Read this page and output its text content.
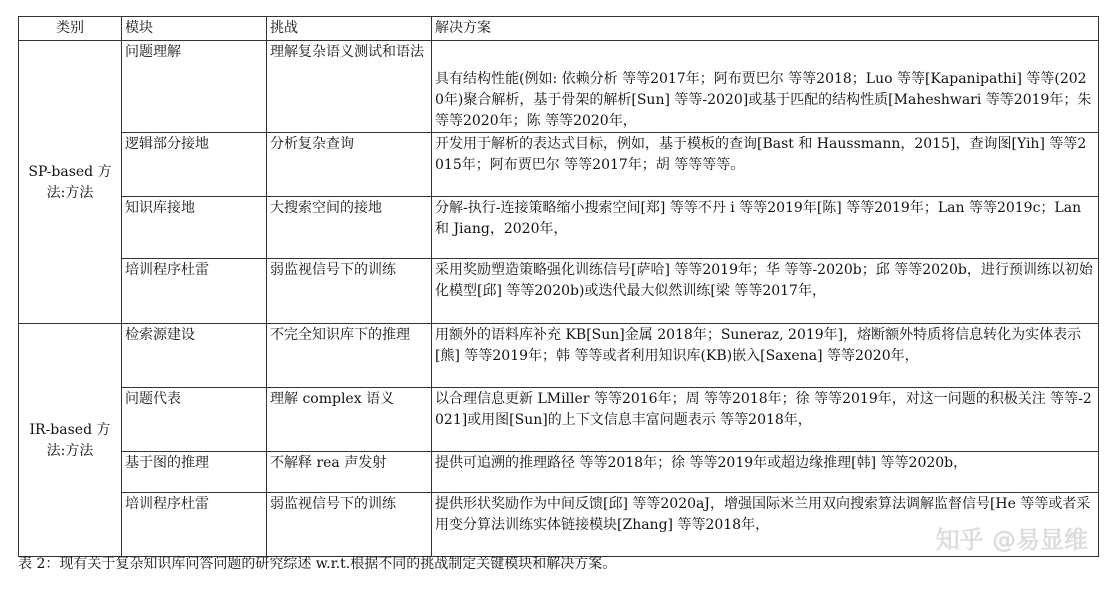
类别	模块	挑战	解决方案
SP-based 方法:方法	问题理解	理解复杂语义测试和语法	具有结构性能(例如: 依赖分析 等等2017年；阿布贾巴尔 等等2018；Luo 等等[Kapanipathi] 等等(2020年)聚合解析，基于骨架的解析[Sun] 等等-2020]或基于匹配的结构性质[Maheshwari 等等2019年；朱 等等2020年；陈 等等2020年，
	逻辑部分接地	分析复杂查询	开发用于解析的表达式目标，例如，基于模板的查询[Bast 和 Haussmann，2015]，查询图[Yih] 等等2015年；阿布贾巴尔 等等2017年；胡 等等等等。
	知识库接地	大搜索空间的接地	分解-执行-连接策略缩小搜索空间[郑] 等等不丹 i 等等2019年[陈] 等等2019年；Lan 等等2019c；Lan 和 Jiang，2020年，
	培训程序杜雷	弱监视信号下的训练	采用奖励塑造策略强化训练信号[萨哈] 等等2019年；华 等等-2020b；邱 等等2020b，进行预训练以初始化模型[邱] 等等2020b)或迭代最大似然训练[梁 等等2017年，
IR-based 方法:方法	检索源建设	不完全知识库下的推理	用额外的语料库补充 KB[Sun]金属 2018年；Suneraz, 2019年]，熔断额外特质将信息转化为实体表示[熊] 等等2019年；韩 等等或者利用知识库(KB)嵌入[Saxena] 等等2020年，
	问题代表	理解 complex 语义	以合理信息更新 LMiller 等等2016年；周 等等2018年；徐 等等2019年，对这一问题的积极关注 等等-2021]或用图[Sun]的上下文信息丰富问题表示 等等2018年，
	基于图的推理	不解释 rea 声发射	提供可追溯的推理路径 等等2018年；徐 等等2019年或超边缘推理[韩] 等等2020b，
	培训程序杜雷	弱监视信号下的训练	提供形状奖励作为中间反馈[邱] 等等2020aJ，增强国际米兰用双向搜索算法调解监督信号[He 等等或者采用变分算法训练实体链接模块[Zhang] 等等2018年，
表 2：现有关于复杂知识库问答问题的研究综述 w.r.t.根据不同的挑战制定关键模块和解决方案。
知乎 @易显维
